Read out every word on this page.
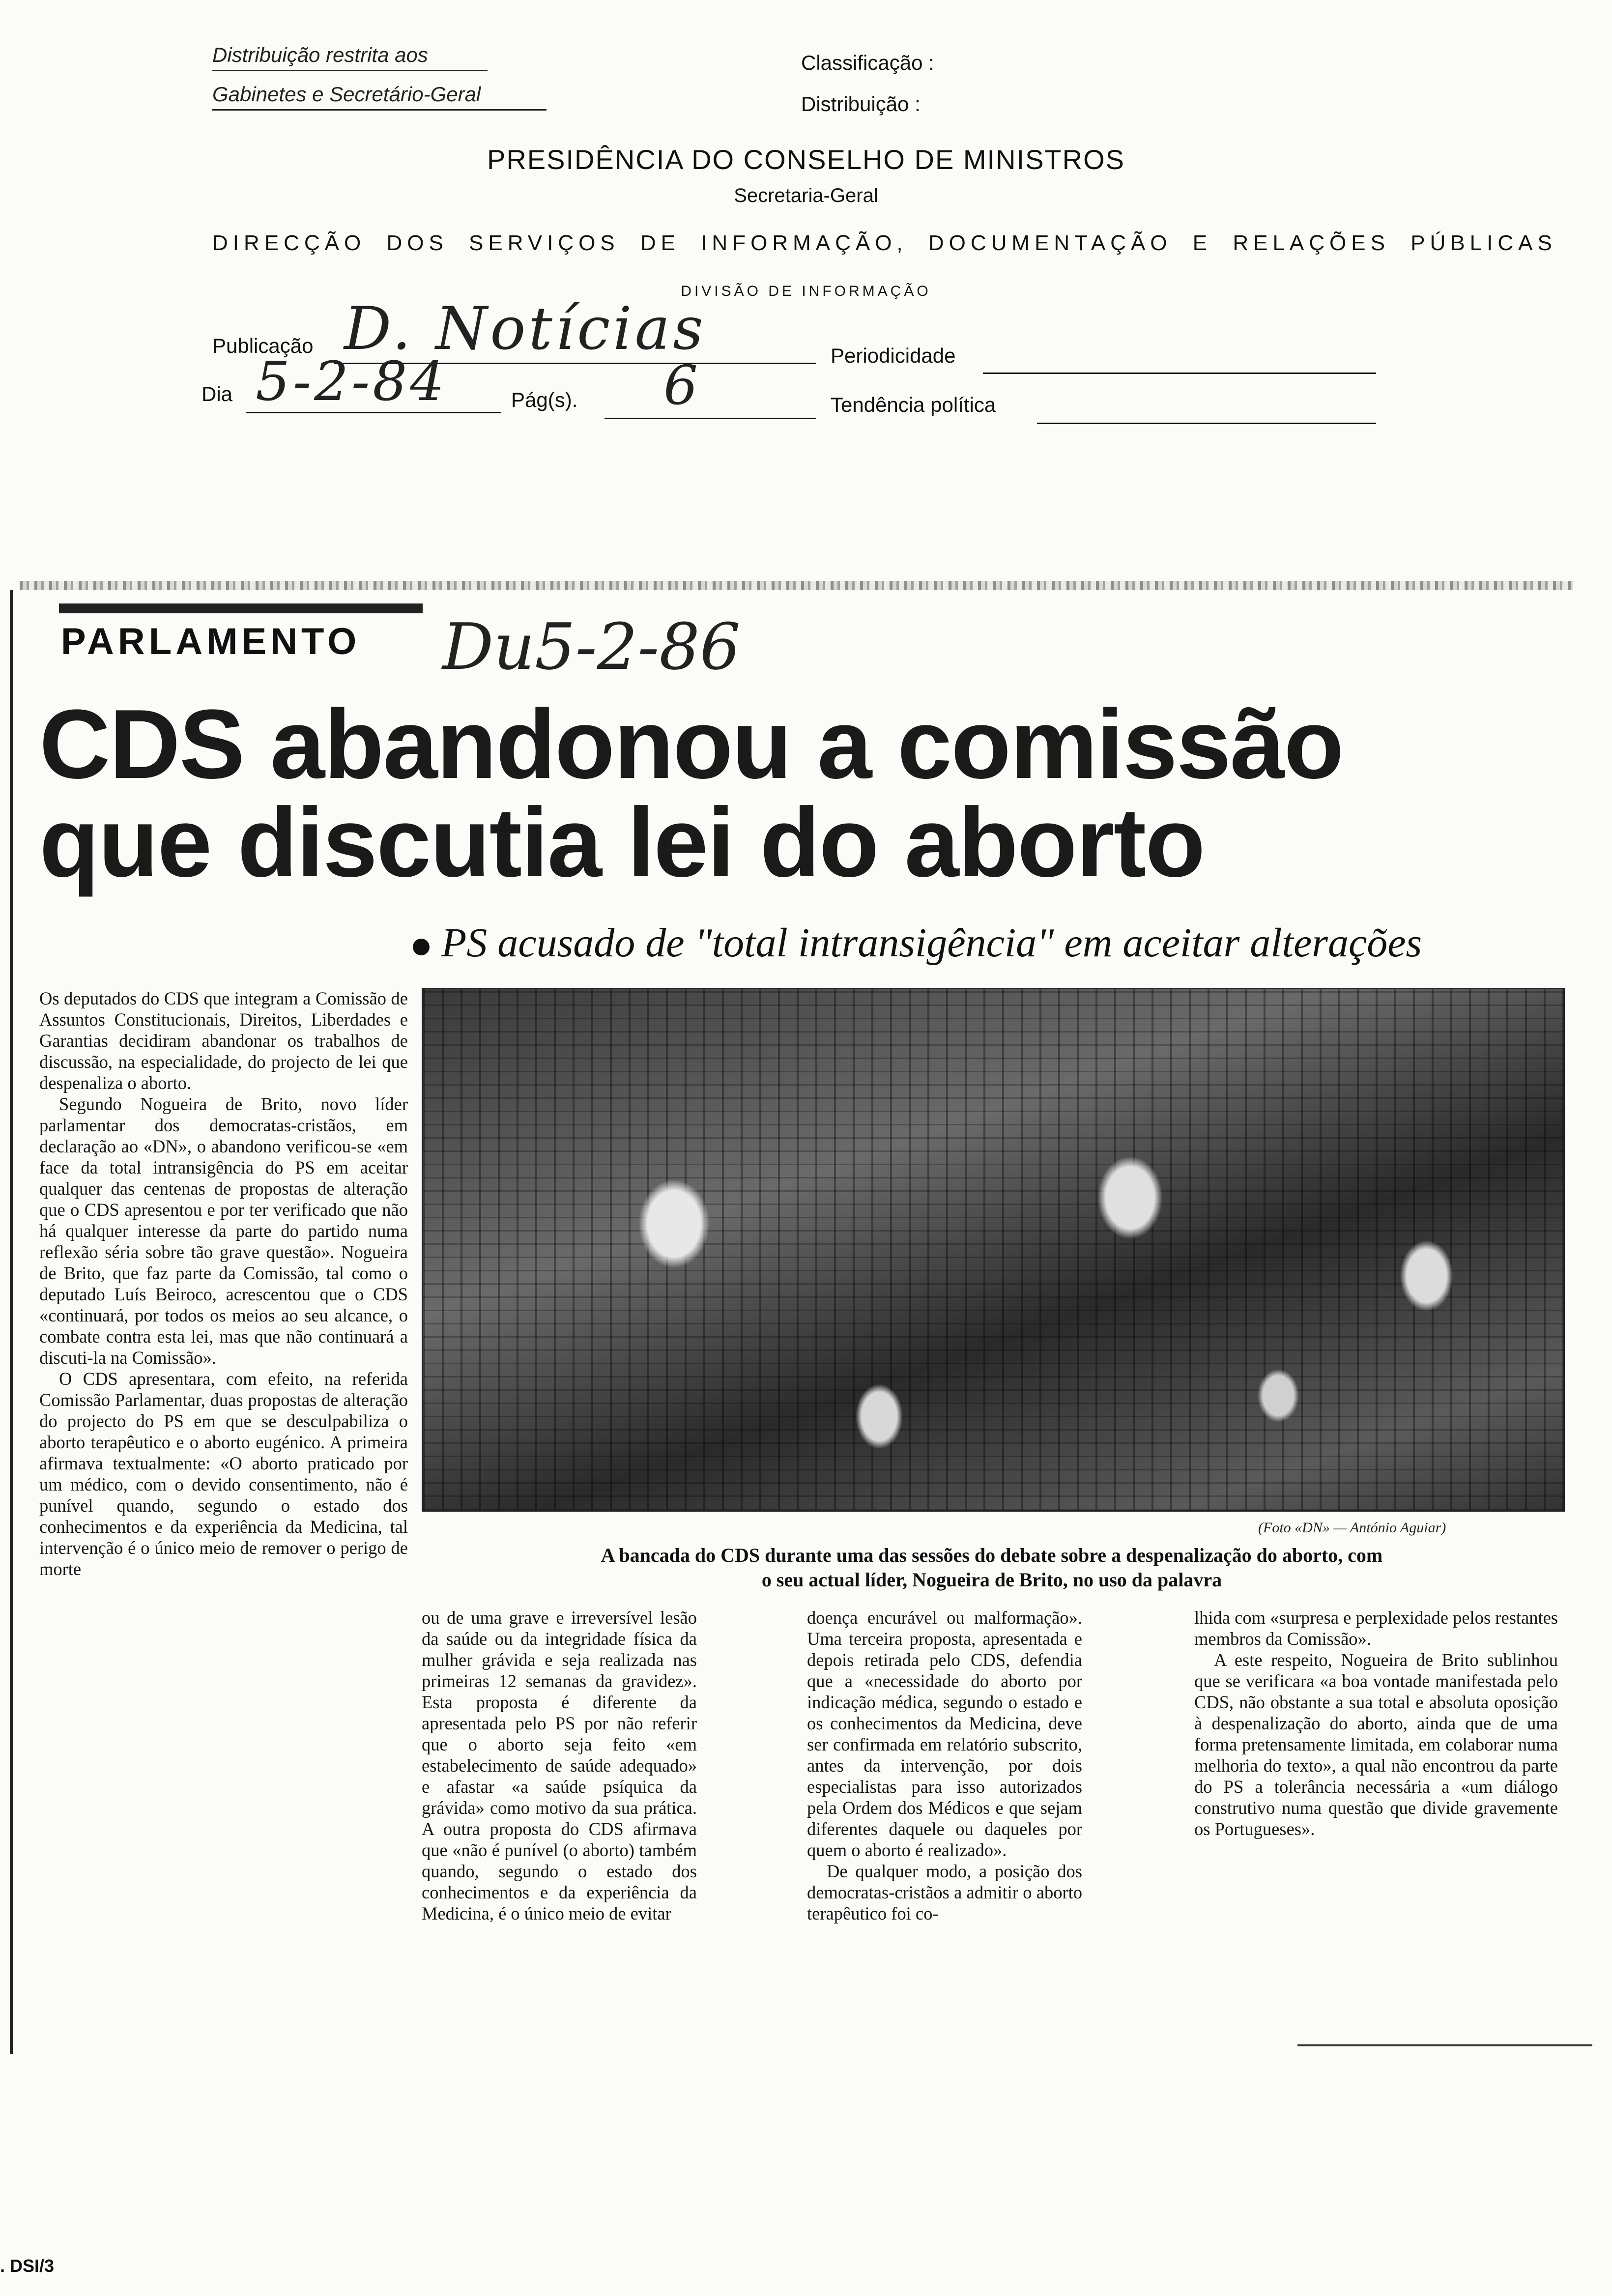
Distribuição restrita aos
Gabinetes e Secretário-Geral
Classificação :
Distribuição :
PRESIDÊNCIA DO CONSELHO DE MINISTROS
Secretaria-Geral
DIRECÇÃO DOS SERVIÇOS DE INFORMAÇÃO, DOCUMENTAÇÃO E RELAÇÕES PÚBLICAS
DIVISÃO DE INFORMAÇÃO
Publicação D. Notícias	Periodicidade
Dia 5-2-84	Pág(s). 6	Tendência política
PARLAMENTO Du5-2-86
CDS abandonou a comissão
que discutia lei do aborto
PS acusado de "total intransigência" em aceitar alterações

Os deputados do CDS que integram a Comissão de Assuntos Constitucionais, Direitos, Liberdades e Garantias decidiram abandonar os trabalhos de discussão, na especialidade, do projecto de lei que despenaliza o aborto.

Segundo Nogueira de Brito, novo líder parlamentar dos democratas-cristãos, em declaração ao «DN», o abandono verificou-se «em face da total intransigência do PS em aceitar qualquer das centenas de propostas de alteração que o CDS apresentou e por ter verificado que não há qualquer interesse da parte do partido numa reflexão séria sobre tão grave questão». Nogueira de Brito, que faz parte da Comissão, tal como o deputado Luís Beiroco, acrescentou que o CDS «continuará, por todos os meios ao seu alcance, o combate contra esta lei, mas que não continuará a discuti-la na Comissão».

O CDS apresentara, com efeito, na referida Comissão Parlamentar, duas propostas de alteração do projecto do PS em que se desculpabiliza o aborto terapêutico e o aborto eugénico. A primeira afirmava textualmente: «O aborto praticado por um médico, com o devido consentimento, não é punível quando, segundo o estado dos conhecimentos e da experiência da Medicina, tal intervenção é o único meio de remover o perigo de morte

(Foto «DN» — António Aguiar)
A bancada do CDS durante uma das sessões do debate sobre a despenalização do aborto, com
o seu actual líder, Nogueira de Brito, no uso da palavra

ou de uma grave e irreversível lesão da saúde ou da integridade física da mulher grávida e seja realizada nas primeiras 12 semanas da gravidez». Esta proposta é diferente da apresentada pelo PS por não referir que o aborto seja feito «em estabelecimento de saúde adequado» e afastar «a saúde psíquica da grávida» como motivo da sua prática. A outra proposta do CDS afirmava que «não é punível (o aborto) também quando, segundo o estado dos conhecimentos e da experiência da Medicina, é o único meio de evitar

doença encurável ou malformação». Uma terceira proposta, apresentada e depois retirada pelo CDS, defendia que a «necessidade do aborto por indicação médica, segundo o estado e os conhecimentos da Medicina, deve ser confirmada em relatório subscrito, antes da intervenção, por dois especialistas para isso autorizados pela Ordem dos Médicos e que sejam diferentes daquele ou daqueles por quem o aborto é realizado».

De qualquer modo, a posição dos democratas-cristãos a admitir o aborto terapêutico foi co-

lhida com «surpresa e perplexidade pelos restantes membros da Comissão».

A este respeito, Nogueira de Brito sublinhou que se verificara «a boa vontade manifestada pelo CDS, não obstante a sua total e absoluta oposição à despenalização do aborto, ainda que de uma forma pretensamente limitada, em colaborar numa melhoria do texto», a qual não encontrou da parte do PS a tolerância necessária a «um diálogo construtivo numa questão que divide gravemente os Portugueses».

. DSI/3
